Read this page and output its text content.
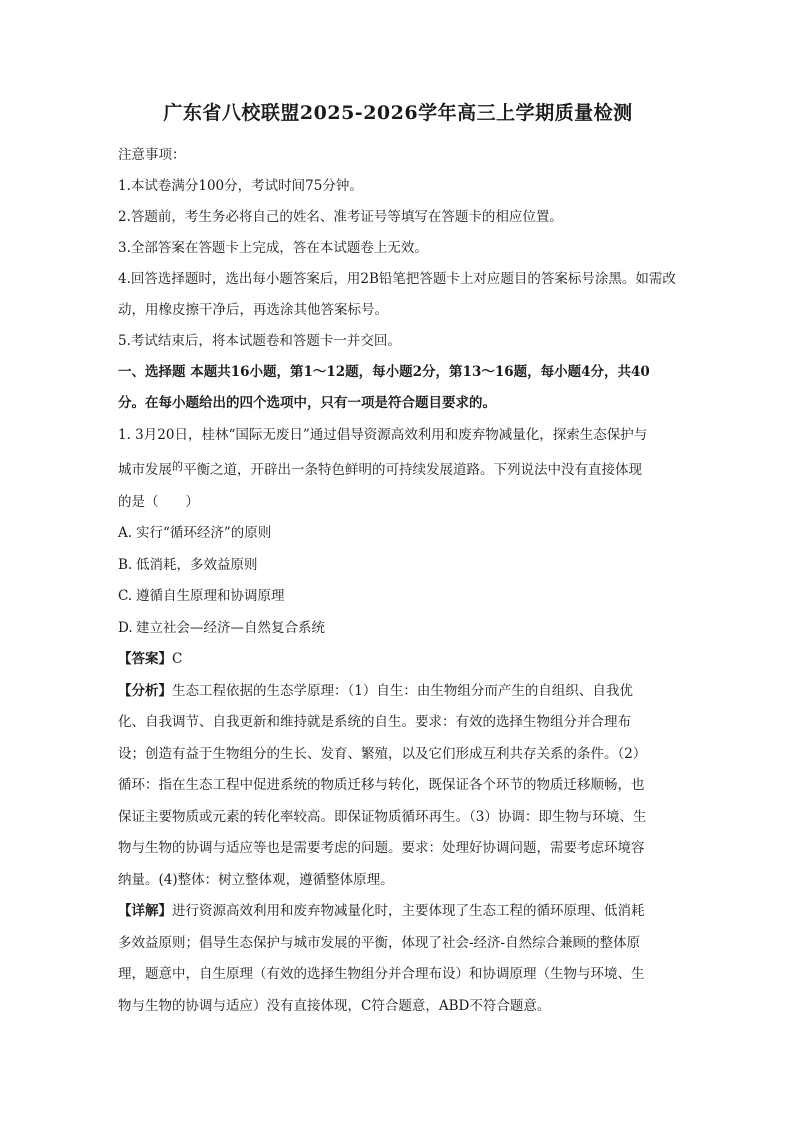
广东省八校联盟2025-2026学年高三上学期质量检测

注意事项：

1.本试卷满分100分，考试时间75分钟。

2.答题前，考生务必将自己的姓名、准考证号等填写在答题卡的相应位置。

3.全部答案在答题卡上完成，答在本试题卷上无效。

4.回答选择题时，选出每小题答案后，用2B铅笔把答题卡上对应题目的答案标号涂黑。如需改动，用橡皮擦干净后，再选涂其他答案标号。

5.考试结束后，将本试题卷和答题卡一并交回。

一、选择题 本题共16小题，第1～12题，每小题2分，第13～16题，每小题4分，共40

分。在每小题给出的四个选项中，只有一项是符合题目要求的。

1. 3月20日，桂林“国际无废日”通过倡导资源高效利用和废弃物减量化，探索生态保护与

城市发展$^的$平衡之道，开辟出一条特色鲜明的可持续发展道路。下列说法中没有直接体现

的是（　　）

A. 实行“循环经济”的原则

B. 低消耗，多效益原则

C. 遵循自生原理和协调原理

D. 建立社会—经济—自然复合系统

【答案】C

【分析】生态工程依据的生态学原理：（1）自生：由生物组分而产生的自组织、自我优

化、自我调节、自我更新和维持就是系统的自生。要求：有效的选择生物组分并合理布

设；创造有益于生物组分的生长、发育、繁殖，以及它们形成互利共存关系的条件。（2）

循环：指在生态工程中促进系统的物质迁移与转化，既保证各个环节的物质迁移顺畅，也

保证主要物质或元素的转化率较高。即保证物质循环再生。（3）协调：即生物与环境、生

物与生物的协调与适应等也是需要考虑的问题。要求：处理好协调问题，需要考虑环境容

纳量。(4)整体：树立整体观，遵循整体原理。

【详解】进行资源高效利用和废弃物减量化时，主要体现了生态工程的循环原理、低消耗

多效益原则；倡导生态保护与城市发展的平衡，体现了社会-经济-自然综合兼顾的整体原

理，题意中，自生原理（有效的选择生物组分并合理布设）和协调原理（生物与环境、生

物与生物的协调与适应）没有直接体现，C符合题意，ABD不符合题意。
